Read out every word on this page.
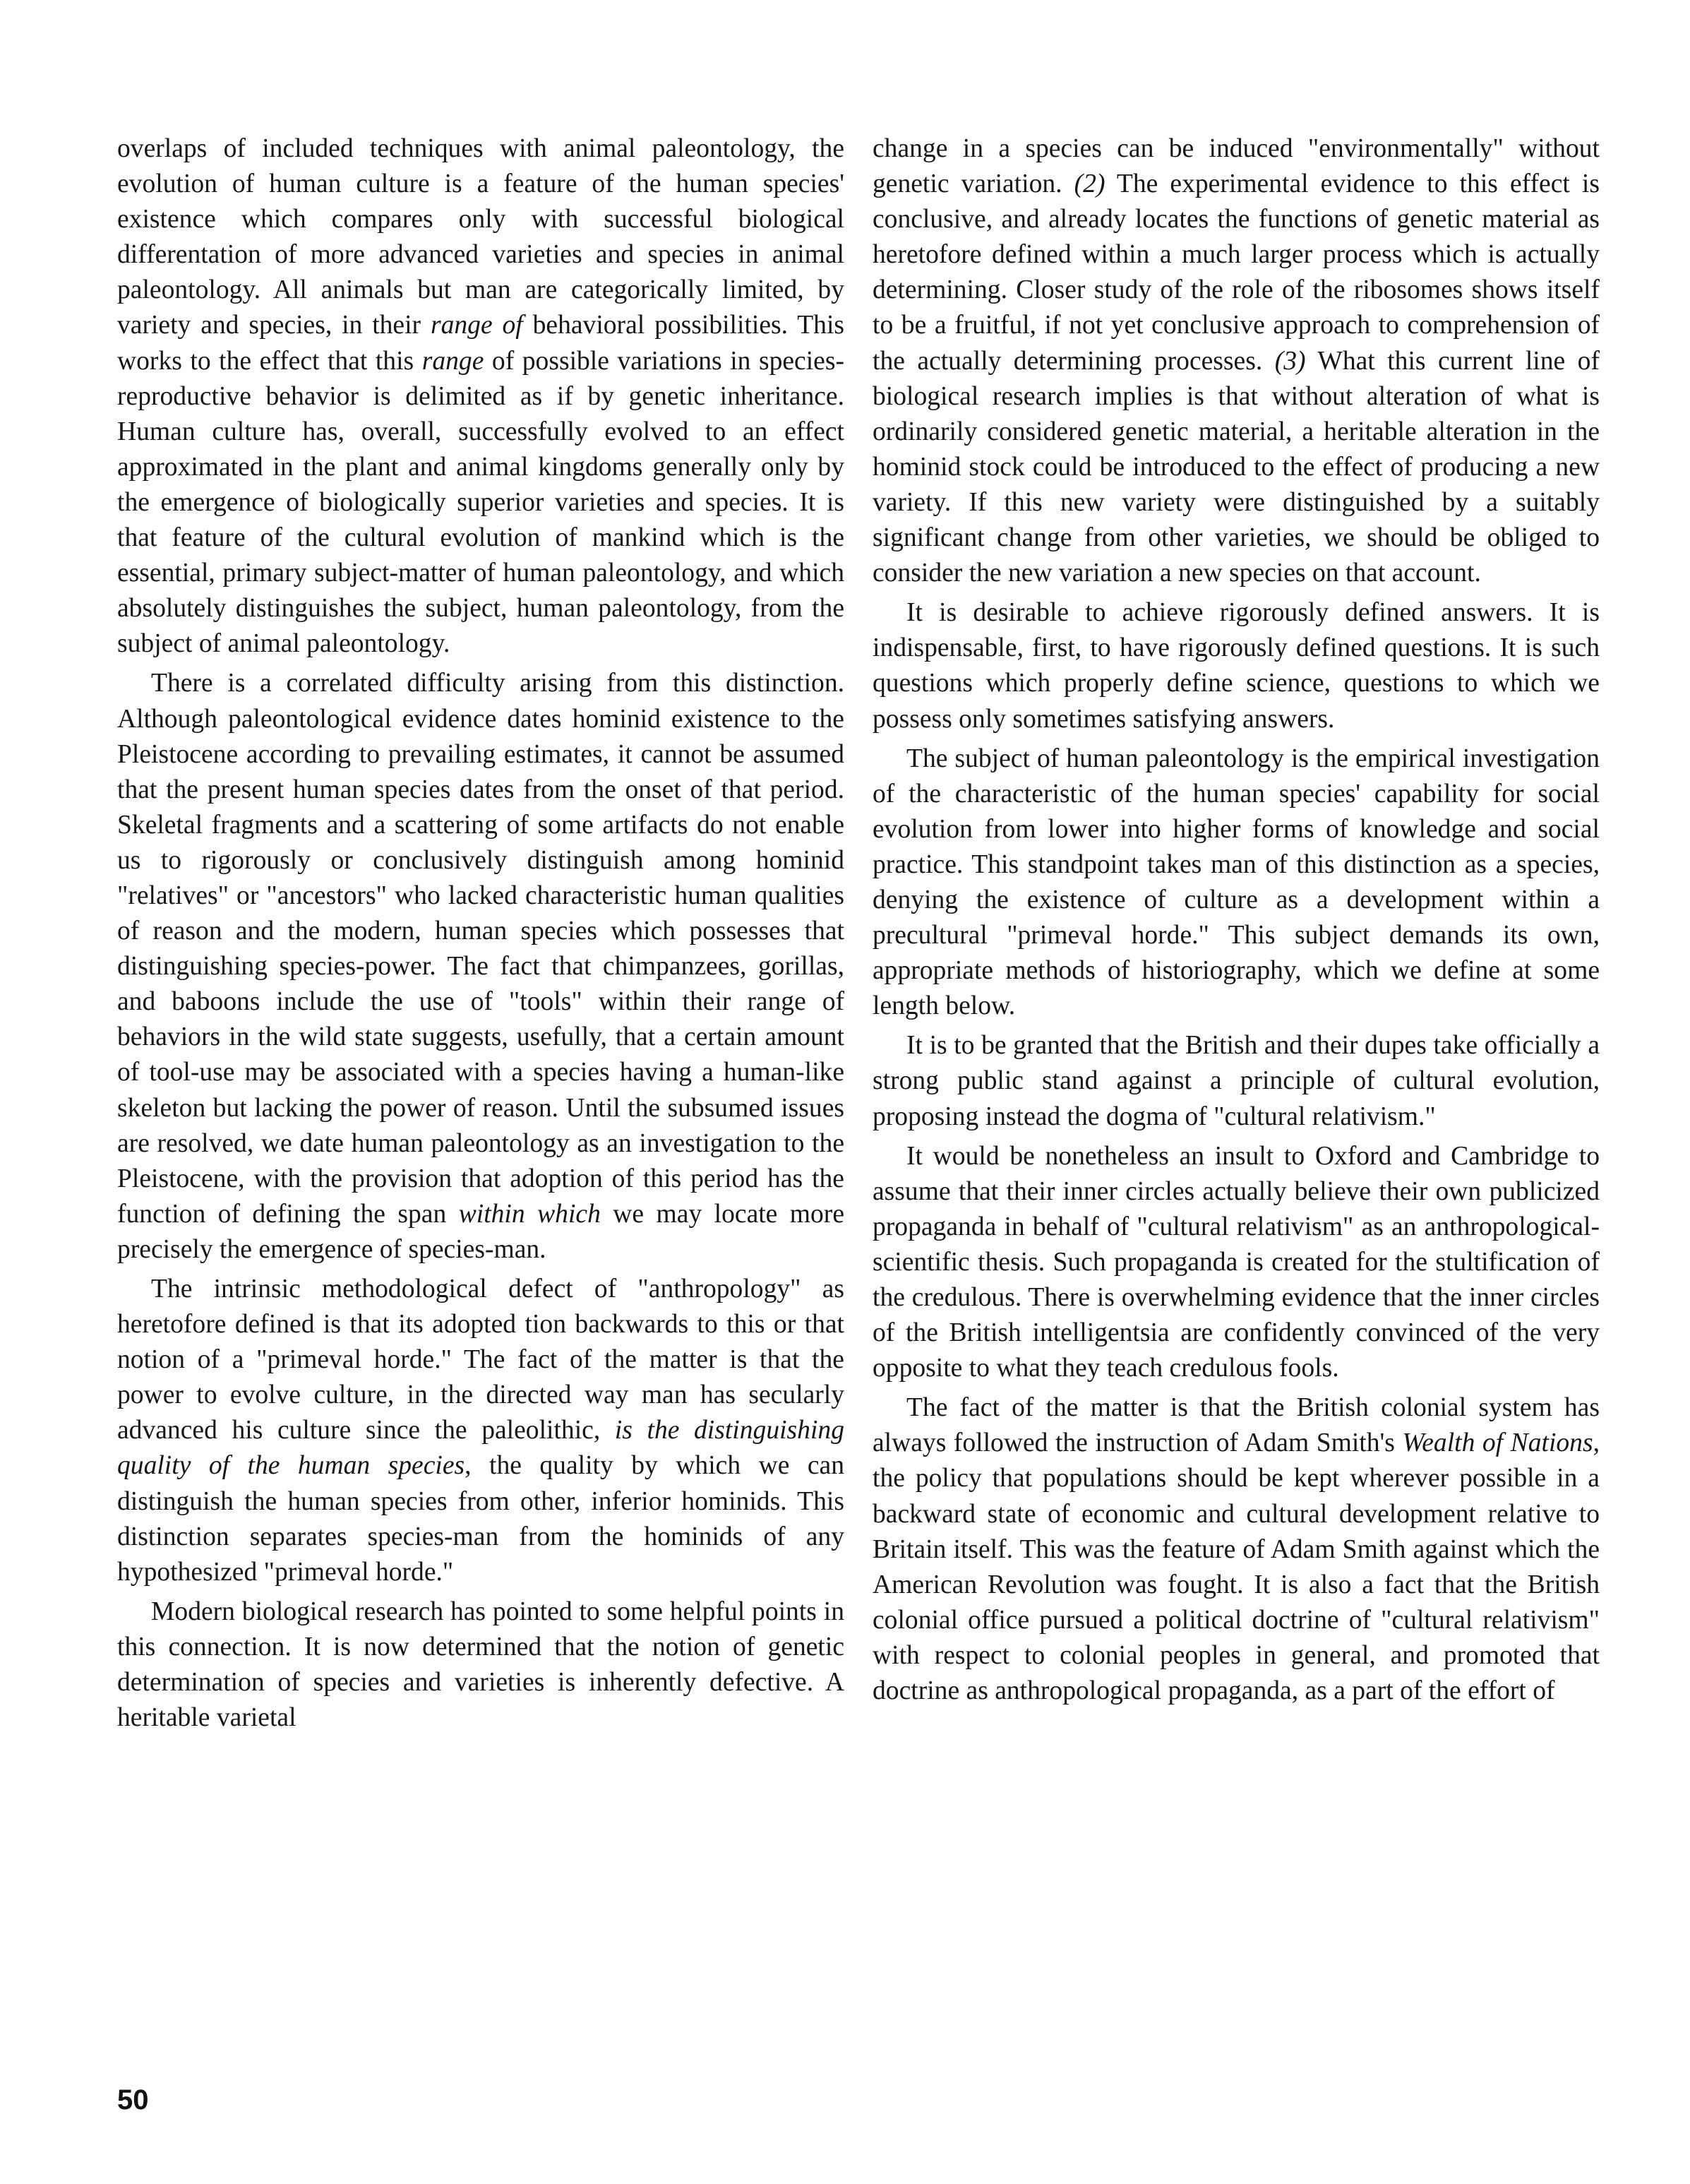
overlaps of included techniques with animal paleontology, the evolution of human culture is a feature of the human species' existence which compares only with successful biological differentation of more advanced varieties and species in animal paleontology. All animals but man are categorically limited, by variety and species, in their range of behavioral possibilities. This works to the effect that this range of possible variations in species-reproductive behavior is delimited as if by genetic inheritance. Human culture has, overall, successfully evolved to an effect approximated in the plant and animal kingdoms generally only by the emergence of biologically superior varieties and species. It is that feature of the cultural evolution of mankind which is the essential, primary subject-matter of human paleontology, and which absolutely distinguishes the subject, human paleontology, from the subject of animal paleontology.

There is a correlated difficulty arising from this distinction. Although paleontological evidence dates hominid existence to the Pleistocene according to prevailing estimates, it cannot be assumed that the present human species dates from the onset of that period. Skeletal fragments and a scattering of some artifacts do not enable us to rigorously or conclusively distinguish among hominid "relatives" or "ancestors" who lacked characteristic human qualities of reason and the modern, human species which possesses that distinguishing species-power. The fact that chimpanzees, gorillas, and baboons include the use of "tools" within their range of behaviors in the wild state suggests, usefully, that a certain amount of tool-use may be associated with a species having a human-like skeleton but lacking the power of reason. Until the subsumed issues are resolved, we date human paleontology as an investigation to the Pleistocene, with the provision that adoption of this period has the function of defining the span within which we may locate more precisely the emergence of species-man.

The intrinsic methodological defect of "anthropology" as heretofore defined is that its adopted tion backwards to this or that notion of a "primeval horde." The fact of the matter is that the power to evolve culture, in the directed way man has secularly advanced his culture since the paleolithic, is the distinguishing quality of the human species, the quality by which we can distinguish the human species from other, inferior hominids. This distinction separates species-man from the hominids of any hypothesized "primeval horde."

Modern biological research has pointed to some helpful points in this connection. It is now determined that the notion of genetic determination of species and varieties is inherently defective. A heritable varietal

change in a species can be induced "environmentally" without genetic variation. (2) The experimental evidence to this effect is conclusive, and already locates the functions of genetic material as heretofore defined within a much larger process which is actually determining. Closer study of the role of the ribosomes shows itself to be a fruitful, if not yet conclusive approach to comprehension of the actually determining processes. (3) What this current line of biological research implies is that without alteration of what is ordinarily considered genetic material, a heritable alteration in the hominid stock could be introduced to the effect of producing a new variety. If this new variety were distinguished by a suitably significant change from other varieties, we should be obliged to consider the new variation a new species on that account.

It is desirable to achieve rigorously defined answers. It is indispensable, first, to have rigorously defined questions. It is such questions which properly define science, questions to which we possess only sometimes satisfying answers.

The subject of human paleontology is the empirical investigation of the characteristic of the human species' capability for social evolution from lower into higher forms of knowledge and social practice. This standpoint takes man of this distinction as a species, denying the existence of culture as a development within a precultural "primeval horde." This subject demands its own, appropriate methods of historiography, which we define at some length below.

It is to be granted that the British and their dupes take officially a strong public stand against a principle of cultural evolution, proposing instead the dogma of "cultural relativism."

It would be nonetheless an insult to Oxford and Cambridge to assume that their inner circles actually believe their own publicized propaganda in behalf of "cultural relativism" as an anthropological-scientific thesis. Such propaganda is created for the stultification of the credulous. There is overwhelming evidence that the inner circles of the British intelligentsia are confidently convinced of the very opposite to what they teach credulous fools.

The fact of the matter is that the British colonial system has always followed the instruction of Adam Smith's Wealth of Nations, the policy that populations should be kept wherever possible in a backward state of economic and cultural development relative to Britain itself. This was the feature of Adam Smith against which the American Revolution was fought. It is also a fact that the British colonial office pursued a political doctrine of "cultural relativism" with respect to colonial peoples in general, and promoted that doctrine as anthropological propaganda, as a part of the effort of

50
